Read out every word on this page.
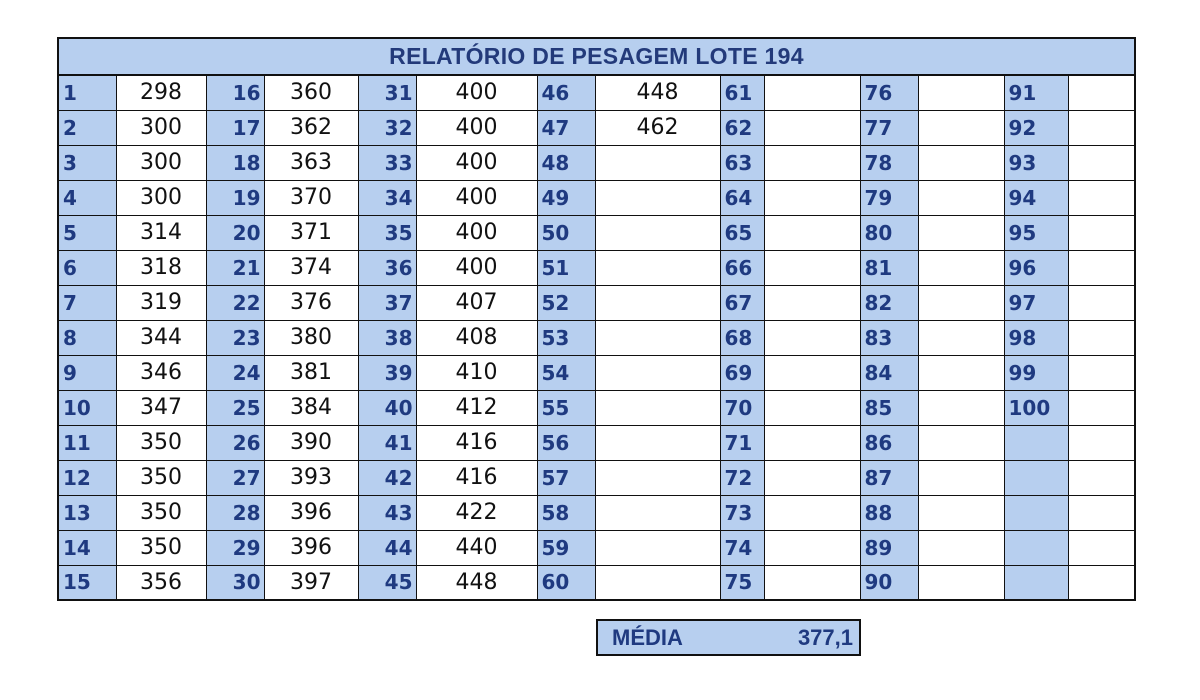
RELATÓRIO DE PESAGEM LOTE 194													
1	298	16	360	31	400	46	448	61		76		91	
2	300	17	362	32	400	47	462	62		77		92	
3	300	18	363	33	400	48		63		78		93	
4	300	19	370	34	400	49		64		79		94	
5	314	20	371	35	400	50		65		80		95	
6	318	21	374	36	400	51		66		81		96	
7	319	22	376	37	407	52		67		82		97	
8	344	23	380	38	408	53		68		83		98	
9	346	24	381	39	410	54		69		84		99	
10	347	25	384	40	412	55		70		85		100	
11	350	26	390	41	416	56		71		86			
12	350	27	393	42	416	57		72		87			
13	350	28	396	43	422	58		73		88			
14	350	29	396	44	440	59		74		89			
15	356	30	397	45	448	60		75		90			
MÉDIA	377,1
